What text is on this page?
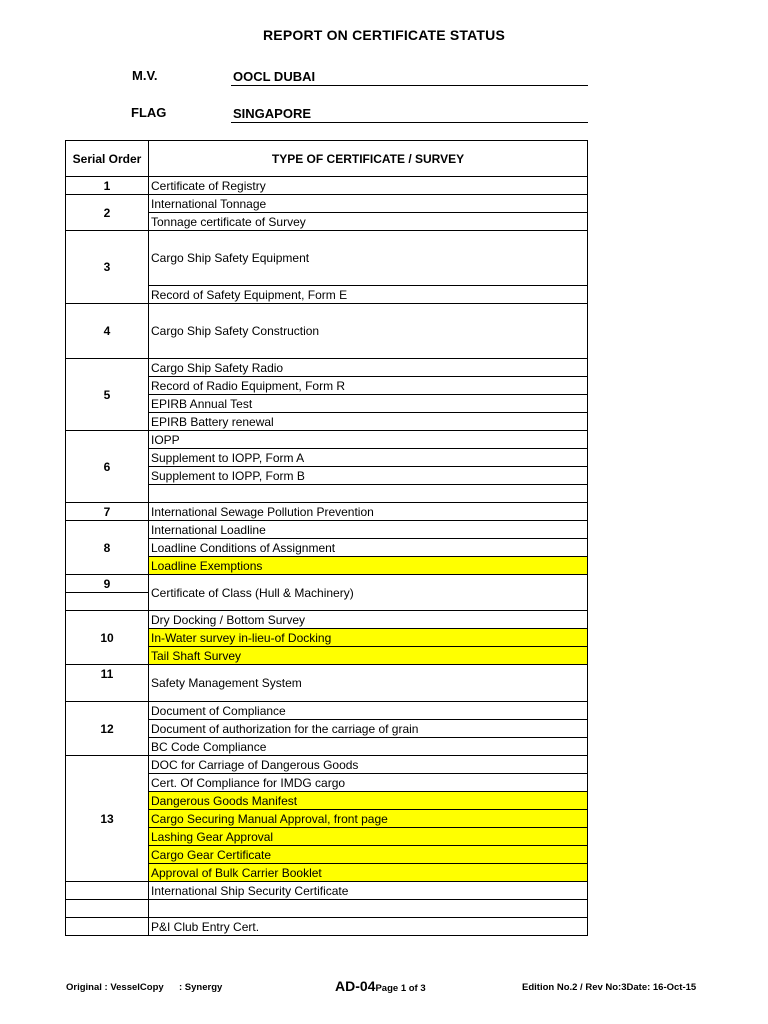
REPORT ON CERTIFICATE STATUS
M.V.	OOCL DUBAI
FLAG	SINGAPORE
Serial Order	TYPE OF CERTIFICATE / SURVEY
1	Certificate of Registry
2	International Tonnage
	Tonnage certificate of Survey
3	Cargo Ship Safety Equipment
	Record of Safety Equipment, Form E
4	Cargo Ship Safety Construction
5	Cargo Ship Safety Radio
	Record of Radio Equipment, Form R
	EPIRB Annual Test
	EPIRB Battery renewal
6	IOPP
	Supplement to IOPP, Form A
	Supplement to IOPP, Form B

7	International Sewage Pollution Prevention
8	International Loadline
	Loadline Conditions of Assignment
	Loadline Exemptions
9	Certificate of Class (Hull & Machinery)

10	Dry Docking / Bottom Survey
	In-Water survey in-lieu-of Docking
	Tail Shaft Survey
11	Safety Management System
12	Document of Compliance
	Document of authorization for the carriage of grain
	BC Code Compliance
13	DOC for Carriage of Dangerous Goods
	Cert. Of Compliance for IMDG cargo
	Dangerous Goods Manifest
	Cargo Securing Manual Approval, front page
	Lashing Gear Approval
	Cargo Gear Certificate
	Approval of Bulk Carrier Booklet
	International Ship Security Certificate

	P&I Club Entry Cert.
Original : VesselCopy : Synergy	AD-04Page 1 of 3	Edition No.2 / Rev No:3Date: 16-Oct-15
